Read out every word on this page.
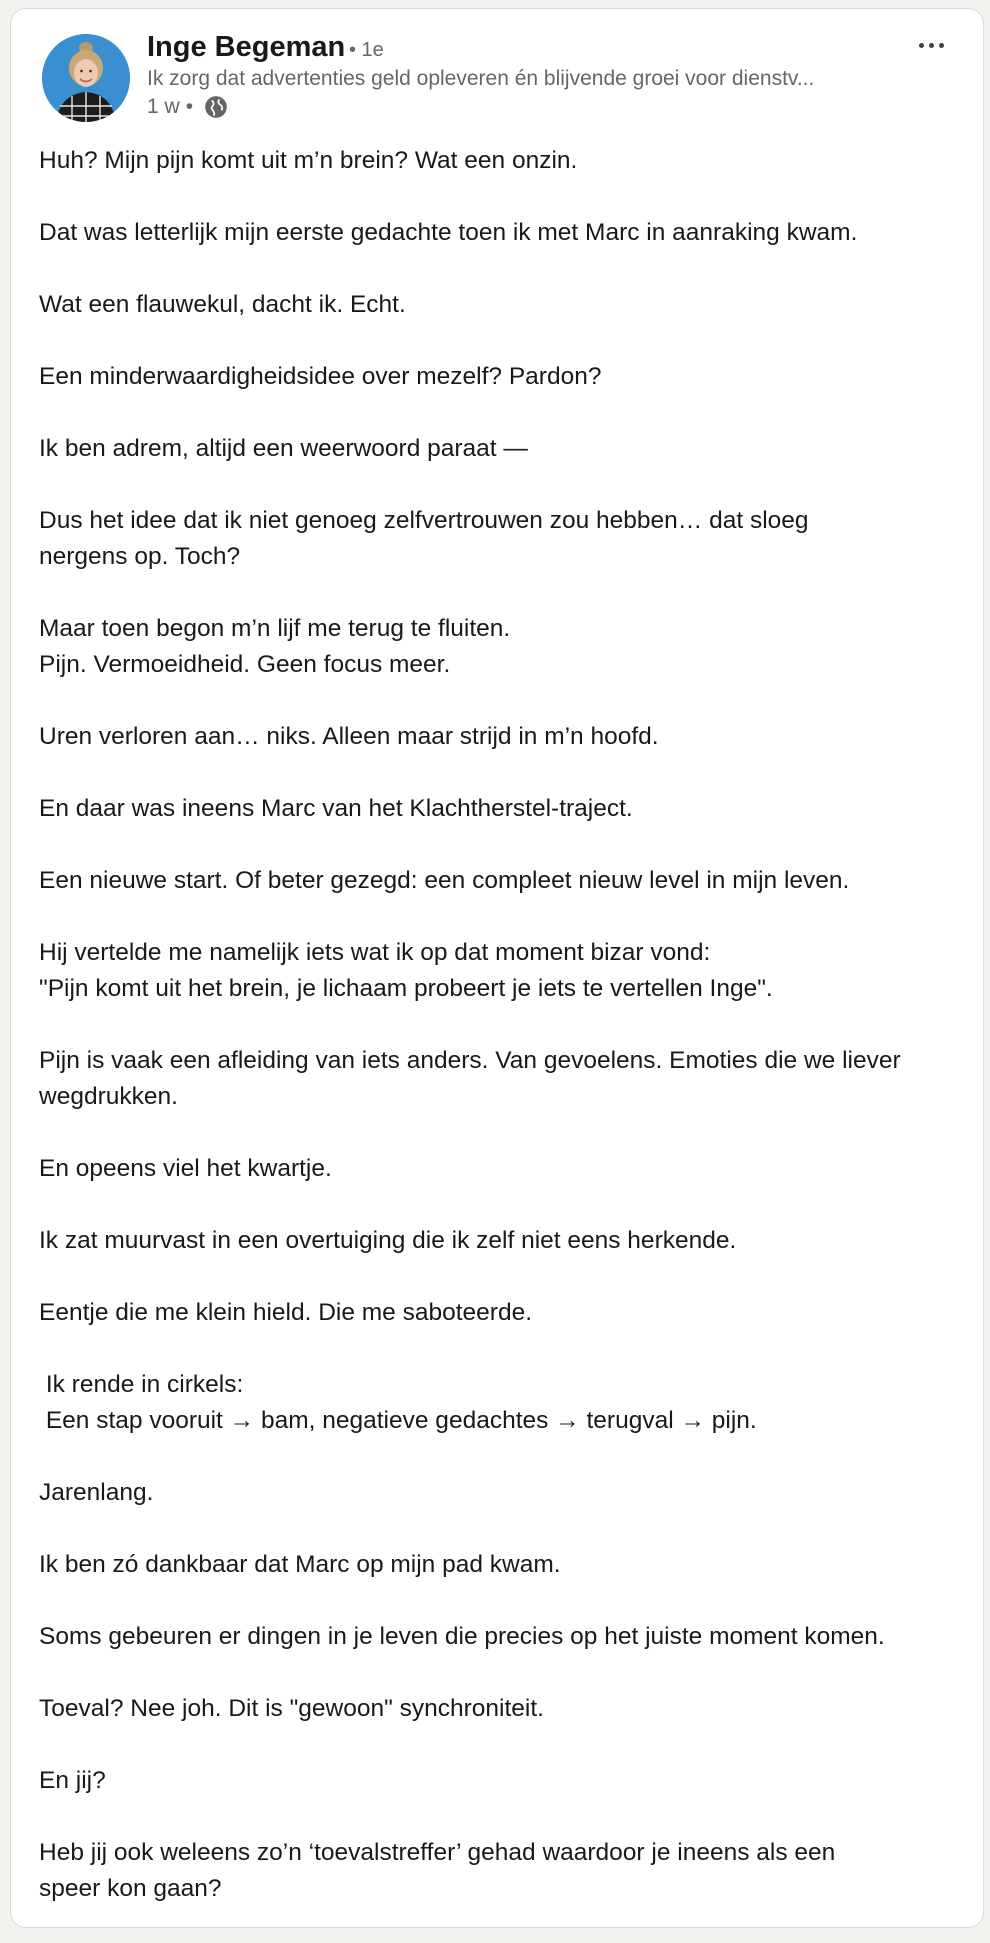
Inge Begeman • 1e
Ik zorg dat advertenties geld opleveren én blijvende groei voor dienstv...
1 w •

Huh? Mijn pijn komt uit m’n brein? Wat een onzin.

Dat was letterlijk mijn eerste gedachte toen ik met Marc in aanraking kwam.

Wat een flauwekul, dacht ik. Echt.

Een minderwaardigheidsidee over mezelf? Pardon?

Ik ben adrem, altijd een weerwoord paraat —

Dus het idee dat ik niet genoeg zelfvertrouwen zou hebben… dat sloeg
nergens op. Toch?

Maar toen begon m’n lijf me terug te fluiten.
Pijn. Vermoeidheid. Geen focus meer.

Uren verloren aan… niks. Alleen maar strijd in m’n hoofd.

En daar was ineens Marc van het Klachtherstel-traject.

Een nieuwe start. Of beter gezegd: een compleet nieuw level in mijn leven.

Hij vertelde me namelijk iets wat ik op dat moment bizar vond:
"Pijn komt uit het brein, je lichaam probeert je iets te vertellen Inge".

Pijn is vaak een afleiding van iets anders. Van gevoelens. Emoties die we liever
wegdrukken.

En opeens viel het kwartje.

Ik zat muurvast in een overtuiging die ik zelf niet eens herkende.

Eentje die me klein hield. Die me saboteerde.

Ik rende in cirkels:
Een stap vooruit → bam, negatieve gedachtes → terugval → pijn.

Jarenlang.

Ik ben zó dankbaar dat Marc op mijn pad kwam.

Soms gebeuren er dingen in je leven die precies op het juiste moment komen.

Toeval? Nee joh. Dit is "gewoon" synchroniteit.

En jij?

Heb jij ook weleens zo’n ‘toevalstreffer’ gehad waardoor je ineens als een
speer kon gaan?
